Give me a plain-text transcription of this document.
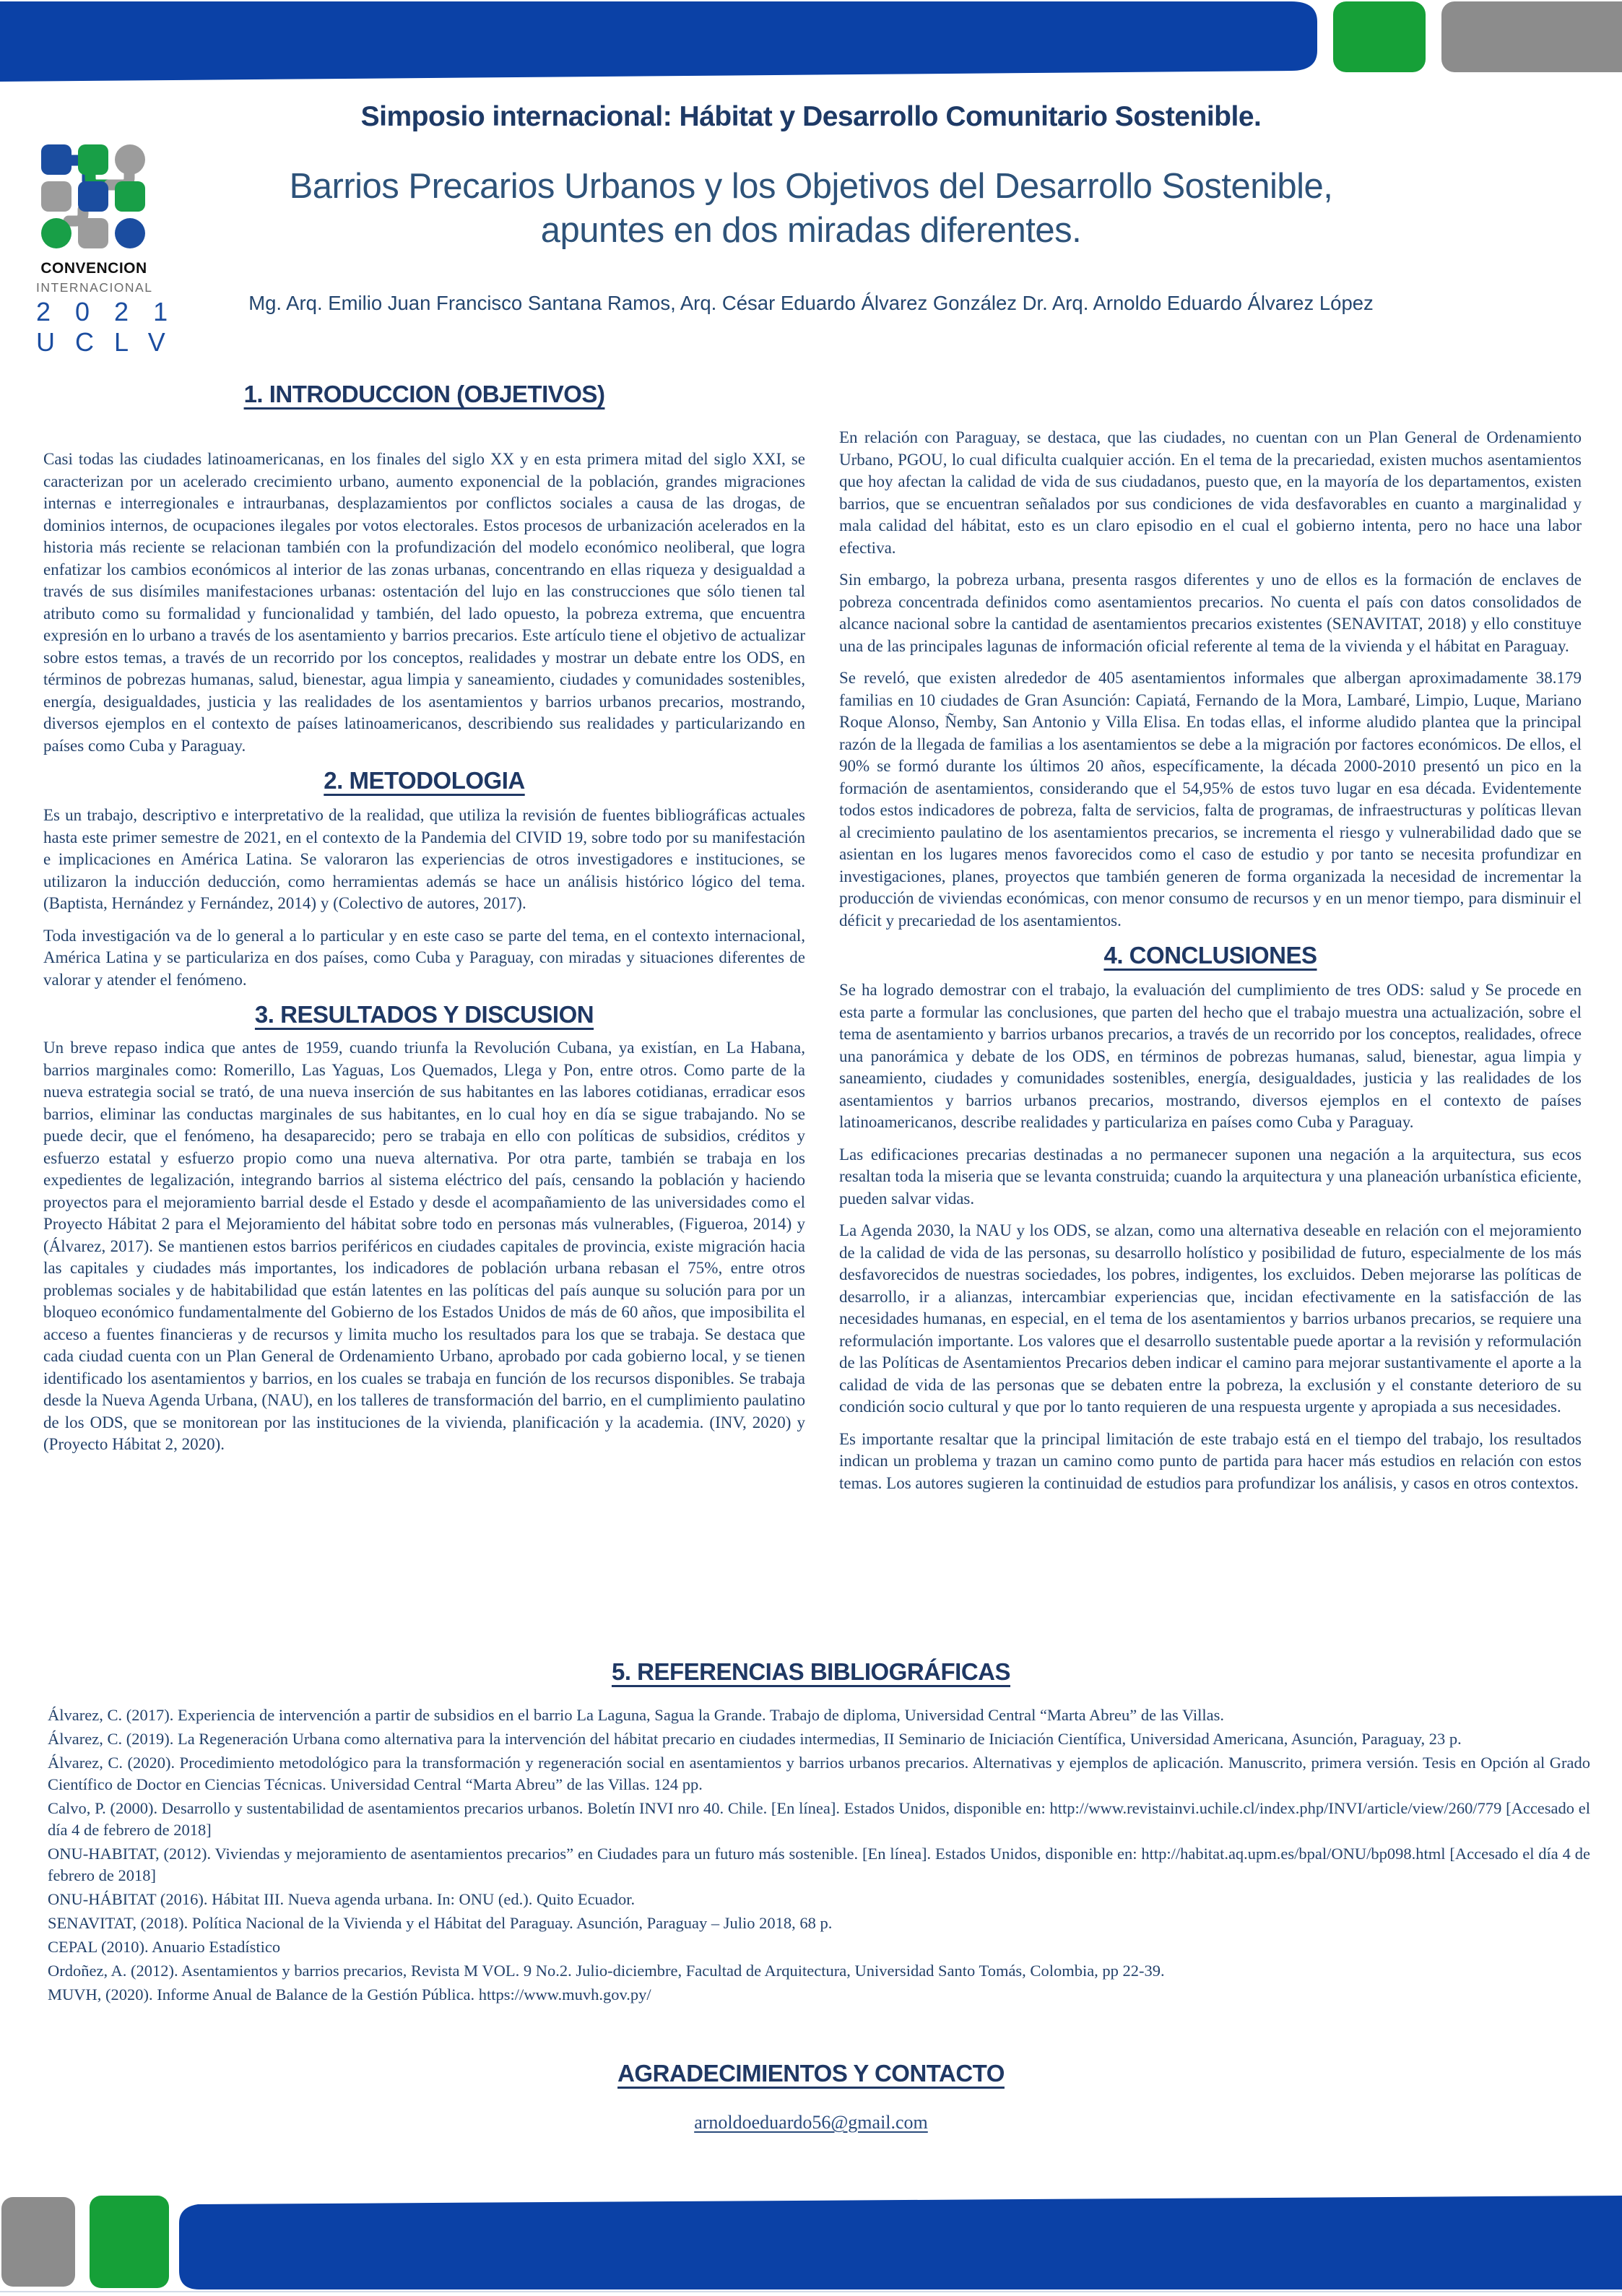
CONVENCION
INTERNACIONAL
2 0 2 1
U C L V
Simposio internacional: Hábitat y Desarrollo Comunitario Sostenible.
Barrios Precarios Urbanos y los Objetivos del Desarrollo Sostenible, apuntes en dos miradas diferentes.
Mg. Arq. Emilio Juan Francisco Santana Ramos, Arq. César Eduardo Álvarez González Dr. Arq. Arnoldo Eduardo Álvarez López
1. INTRODUCCION (OBJETIVOS)

Casi todas las ciudades latinoamericanas, en los finales del siglo XX y en esta primera mitad del siglo XXI, se caracterizan por un acelerado crecimiento urbano, aumento exponencial de la población, grandes migraciones internas e interregionales e intraurbanas, desplazamientos por conflictos sociales a causa de las drogas, de dominios internos, de ocupaciones ilegales por votos electorales. Estos procesos de urbanización acelerados en la historia más reciente se relacionan también con la profundización del modelo económico neoliberal, que logra enfatizar los cambios económicos al interior de las zonas urbanas, concentrando en ellas riqueza y desigualdad a través de sus disímiles manifestaciones urbanas: ostentación del lujo en las construcciones que sólo tienen tal atributo como su formalidad y funcionalidad y también, del lado opuesto, la pobreza extrema, que encuentra expresión en lo urbano a través de los asentamiento y barrios precarios. Este artículo tiene el objetivo de actualizar sobre estos temas, a través de un recorrido por los conceptos, realidades y mostrar un debate entre los ODS, en términos de pobrezas humanas, salud, bienestar, agua limpia y saneamiento, ciudades y comunidades sostenibles, energía, desigualdades, justicia y las realidades de los asentamientos y barrios urbanos precarios, mostrando, diversos ejemplos en el contexto de países latinoamericanos, describiendo sus realidades y particularizando en países como Cuba y Paraguay.

2. METODOLOGIA

Es un trabajo, descriptivo e interpretativo de la realidad, que utiliza la revisión de fuentes bibliográficas actuales hasta este primer semestre de 2021, en el contexto de la Pandemia del CIVID 19, sobre todo por su manifestación e implicaciones en América Latina. Se valoraron las experiencias de otros investigadores e instituciones, se utilizaron la inducción deducción, como herramientas además se hace un análisis histórico lógico del tema. (Baptista, Hernández y Fernández, 2014) y (Colectivo de autores, 2017).

Toda investigación va de lo general a lo particular y en este caso se parte del tema, en el contexto internacional, América Latina y se particulariza en dos países, como Cuba y Paraguay, con miradas y situaciones diferentes de valorar y atender el fenómeno.

3. RESULTADOS Y DISCUSION

Un breve repaso indica que antes de 1959, cuando triunfa la Revolución Cubana, ya existían, en La Habana, barrios marginales como: Romerillo, Las Yaguas, Los Quemados, Llega y Pon, entre otros. Como parte de la nueva estrategia social se trató, de una nueva inserción de sus habitantes en las labores cotidianas, erradicar esos barrios, eliminar las conductas marginales de sus habitantes, en lo cual hoy en día se sigue trabajando. No se puede decir, que el fenómeno, ha desaparecido; pero se trabaja en ello con políticas de subsidios, créditos y esfuerzo estatal y esfuerzo propio como una nueva alternativa. Por otra parte, también se trabaja en los expedientes de legalización, integrando barrios al sistema eléctrico del país, censando la población y haciendo proyectos para el mejoramiento barrial desde el Estado y desde el acompañamiento de las universidades como el Proyecto Hábitat 2 para el Mejoramiento del hábitat sobre todo en personas más vulnerables, (Figueroa, 2014) y (Álvarez, 2017). Se mantienen estos barrios periféricos en ciudades capitales de provincia, existe migración hacia las capitales y ciudades más importantes, los indicadores de población urbana rebasan el 75%, entre otros problemas sociales y de habitabilidad que están latentes en las políticas del país aunque su solución para por un bloqueo económico fundamentalmente del Gobierno de los Estados Unidos de más de 60 años, que imposibilita el acceso a fuentes financieras y de recursos y limita mucho los resultados para los que se trabaja. Se destaca que cada ciudad cuenta con un Plan General de Ordenamiento Urbano, aprobado por cada gobierno local, y se tienen identificado los asentamientos y barrios, en los cuales se trabaja en función de los recursos disponibles. Se trabaja desde la Nueva Agenda Urbana, (NAU), en los talleres de transformación del barrio, en el cumplimiento paulatino de los ODS, que se monitorean por las instituciones de la vivienda, planificación y la academia. (INV, 2020) y (Proyecto Hábitat 2, 2020).

En relación con Paraguay, se destaca, que las ciudades, no cuentan con un Plan General de Ordenamiento Urbano, PGOU, lo cual dificulta cualquier acción. En el tema de la precariedad, existen muchos asentamientos que hoy afectan la calidad de vida de sus ciudadanos, puesto que, en la mayoría de los departamentos, existen barrios, que se encuentran señalados por sus condiciones de vida desfavorables en cuanto a marginalidad y mala calidad del hábitat, esto es un claro episodio en el cual el gobierno intenta, pero no hace una labor efectiva.

Sin embargo, la pobreza urbana, presenta rasgos diferentes y uno de ellos es la formación de enclaves de pobreza concentrada definidos como asentamientos precarios. No cuenta el país con datos consolidados de alcance nacional sobre la cantidad de asentamientos precarios existentes (SENAVITAT, 2018) y ello constituye una de las principales lagunas de información oficial referente al tema de la vivienda y el hábitat en Paraguay.

Se reveló, que existen alrededor de 405 asentamientos informales que albergan aproximadamente 38.179 familias en 10 ciudades de Gran Asunción: Capiatá, Fernando de la Mora, Lambaré, Limpio, Luque, Mariano Roque Alonso, Ñemby, San Antonio y Villa Elisa. En todas ellas, el informe aludido plantea que la principal razón de la llegada de familias a los asentamientos se debe a la migración por factores económicos. De ellos, el 90% se formó durante los últimos 20 años, específicamente, la década 2000-2010 presentó un pico en la formación de asentamientos, considerando que el 54,95% de estos tuvo lugar en esa década. Evidentemente todos estos indicadores de pobreza, falta de servicios, falta de programas, de infraestructuras y políticas llevan al crecimiento paulatino de los asentamientos precarios, se incrementa el riesgo y vulnerabilidad dado que se asientan en los lugares menos favorecidos como el caso de estudio y por tanto se necesita profundizar en investigaciones, planes, proyectos que también generen de forma organizada la necesidad de incrementar la producción de viviendas económicas, con menor consumo de recursos y en un menor tiempo, para disminuir el déficit y precariedad de los asentamientos.

4. CONCLUSIONES

Se ha logrado demostrar con el trabajo, la evaluación del cumplimiento de tres ODS: salud y Se procede en esta parte a formular las conclusiones, que parten del hecho que el trabajo muestra una actualización, sobre el tema de asentamiento y barrios urbanos precarios, a través de un recorrido por los conceptos, realidades, ofrece una panorámica y debate de los ODS, en términos de pobrezas humanas, salud, bienestar, agua limpia y saneamiento, ciudades y comunidades sostenibles, energía, desigualdades, justicia y las realidades de los asentamientos y barrios urbanos precarios, mostrando, diversos ejemplos en el contexto de países latinoamericanos, describe realidades y particulariza en países como Cuba y Paraguay.

Las edificaciones precarias destinadas a no permanecer suponen una negación a la arquitectura, sus ecos resaltan toda la miseria que se levanta construida; cuando la arquitectura y una planeación urbanística eficiente, pueden salvar vidas.

La Agenda 2030, la NAU y los ODS, se alzan, como una alternativa deseable en relación con el mejoramiento de la calidad de vida de las personas, su desarrollo holístico y posibilidad de futuro, especialmente de los más desfavorecidos de nuestras sociedades, los pobres, indigentes, los excluidos. Deben mejorarse las políticas de desarrollo, ir a alianzas, intercambiar experiencias que, incidan efectivamente en la satisfacción de las necesidades humanas, en especial, en el tema de los asentamientos y barrios urbanos precarios, se requiere una reformulación importante. Los valores que el desarrollo sustentable puede aportar a la revisión y reformulación de las Políticas de Asentamientos Precarios deben indicar el camino para mejorar sustantivamente el aporte a la calidad de vida de las personas que se debaten entre la pobreza, la exclusión y el constante deterioro de su condición socio cultural y que por lo tanto requieren de una respuesta urgente y apropiada a sus necesidades.

Es importante resaltar que la principal limitación de este trabajo está en el tiempo del trabajo, los resultados indican un problema y trazan un camino como punto de partida para hacer más estudios en relación con estos temas. Los autores sugieren la continuidad de estudios para profundizar los análisis, y casos en otros contextos.

5. REFERENCIAS BIBLIOGRÁFICAS

Álvarez, C. (2017). Experiencia de intervención a partir de subsidios en el barrio La Laguna, Sagua la Grande. Trabajo de diploma, Universidad Central “Marta Abreu” de las Villas.

Álvarez, C. (2019). La Regeneración Urbana como alternativa para la intervención del hábitat precario en ciudades intermedias, II Seminario de Iniciación Científica, Universidad Americana, Asunción, Paraguay, 23 p.

Álvarez, C. (2020). Procedimiento metodológico para la transformación y regeneración social en asentamientos y barrios urbanos precarios. Alternativas y ejemplos de aplicación. Manuscrito, primera versión. Tesis en Opción al Grado Científico de Doctor en Ciencias Técnicas. Universidad Central “Marta Abreu” de las Villas. 124 pp.

Calvo, P. (2000). Desarrollo y sustentabilidad de asentamientos precarios urbanos. Boletín INVI nro 40. Chile. [En línea]. Estados Unidos, disponible en: http://www.revistainvi.uchile.cl/index.php/INVI/article/view/260/779 [Accesado el día 4 de febrero de 2018]

ONU-HABITAT, (2012). Viviendas y mejoramiento de asentamientos precarios” en Ciudades para un futuro más sostenible. [En línea]. Estados Unidos, disponible en: http://habitat.aq.upm.es/bpal/ONU/bp098.html [Accesado el día 4 de febrero de 2018]

ONU-HÁBITAT (2016). Hábitat III. Nueva agenda urbana. In: ONU (ed.). Quito Ecuador.

SENAVITAT, (2018). Política Nacional de la Vivienda y el Hábitat del Paraguay. Asunción, Paraguay – Julio 2018, 68 p.

CEPAL (2010). Anuario Estadístico

Ordoñez, A. (2012). Asentamientos y barrios precarios, Revista M VOL. 9 No.2. Julio-diciembre, Facultad de Arquitectura, Universidad Santo Tomás, Colombia, pp 22-39.

MUVH, (2020). Informe Anual de Balance de la Gestión Pública. https://www.muvh.gov.py/

AGRADECIMIENTOS Y CONTACTO
arnoldoeduardo56@gmail.com
